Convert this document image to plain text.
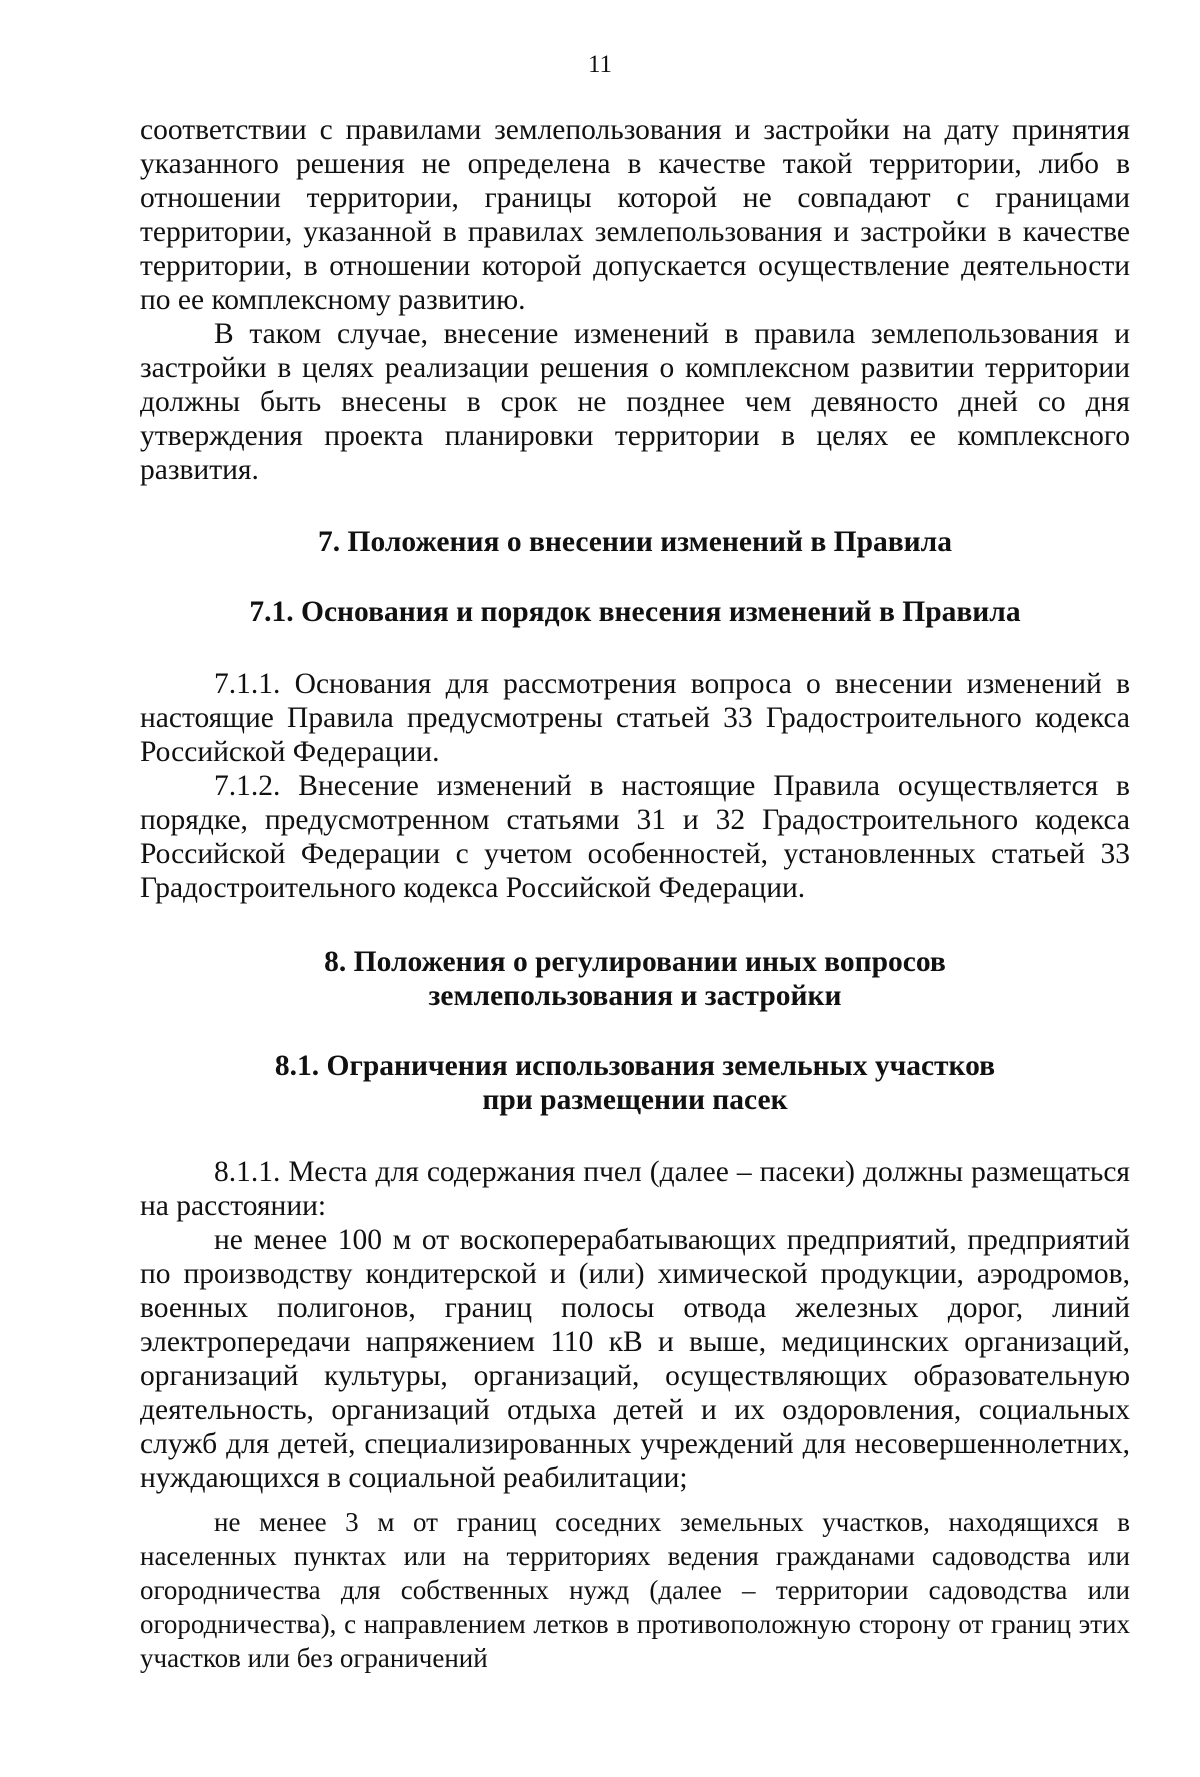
11

соответствии с правилами землепользования и застройки на дату принятия указанного решения не определена в качестве такой территории, либо в отношении территории, границы которой не совпадают с границами территории, указанной в правилах землепользования и застройки в качестве территории, в отношении которой допускается осуществление деятельности по ее комплексному развитию.

В таком случае, внесение изменений в правила землепользования и застройки в целях реализации решения о комплексном развитии территории должны быть внесены в срок не позднее чем девяносто дней со дня утверждения проекта планировки территории в целях ее комплексного развития.

7. Положения о внесении изменений в Правила
7.1. Основания и порядок внесения изменений в Правила

7.1.1. Основания для рассмотрения вопроса о внесении изменений в настоящие Правила предусмотрены статьей 33 Градостроительного кодекса Российской Федерации.

7.1.2. Внесение изменений в настоящие Правила осуществляется в порядке, предусмотренном статьями 31 и 32 Градостроительного кодекса Российской Федерации с учетом особенностей, установленных статьей 33 Градостроительного кодекса Российской Федерации.

8. Положения о регулировании иных вопросов
землепользования и застройки
8.1. Ограничения использования земельных участков
при размещении пасек

8.1.1. Места для содержания пчел (далее – пасеки) должны размещаться на расстоянии:

не менее 100 м от воскоперерабатывающих предприятий, предприятий по производству кондитерской и (или) химической продукции, аэродромов, военных полигонов, границ полосы отвода железных дорог, линий электропередачи напряжением 110 кВ и выше, медицинских организаций, организаций культуры, организаций, осуществляющих образовательную деятельность, организаций отдыха детей и их оздоровления, социальных служб для детей, специализированных учреждений для несовершеннолетних, нуждающихся в социальной реабилитации;

не менее 3 м от границ соседних земельных участков, находящихся в населенных пунктах или на территориях ведения гражданами садоводства или огородничества для собственных нужд (далее – территории садоводства или огородничества), с направлением летков в противоположную сторону от границ этих участков или без ограничений
